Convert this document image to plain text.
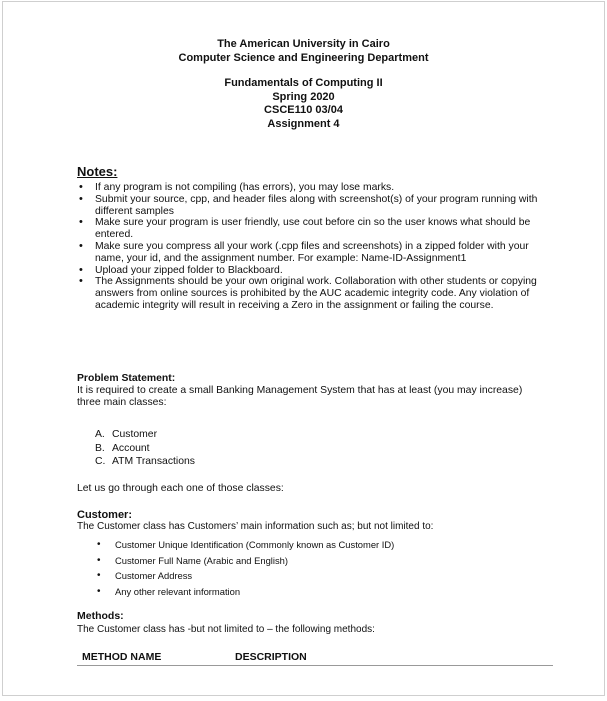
The American University in Cairo
Computer Science and Engineering Department
Fundamentals of Computing II
Spring 2020
CSCE110 03/04
Assignment 4
Notes:
• If any program is not compiling (has errors), you may lose marks.
• Submit your source, cpp, and header files along with screenshot(s) of your program running with different samples
• Make sure your program is user friendly, use cout before cin so the user knows what should be entered.
• Make sure you compress all your work (.cpp files and screenshots) in a zipped folder with your name, your id, and the assignment number. For example: Name-ID-Assignment1
• Upload your zipped folder to Blackboard.
• The Assignments should be your own original work. Collaboration with other students or copying answers from online sources is prohibited by the AUC academic integrity code. Any violation of academic integrity will result in receiving a Zero in the assignment or failing the course.
Problem Statement:
It is required to create a small Banking Management System that has at least (you may increase) three main classes:
A. Customer
B. Account
C. ATM Transactions
Let us go through each one of those classes:
Customer:
The Customer class has Customers’ main information such as; but not limited to:
• Customer Unique Identification (Commonly known as Customer ID)
• Customer Full Name (Arabic and English)
• Customer Address
• Any other relevant information
Methods:
The Customer class has -but not limited to – the following methods:
METHOD NAME	DESCRIPTION
